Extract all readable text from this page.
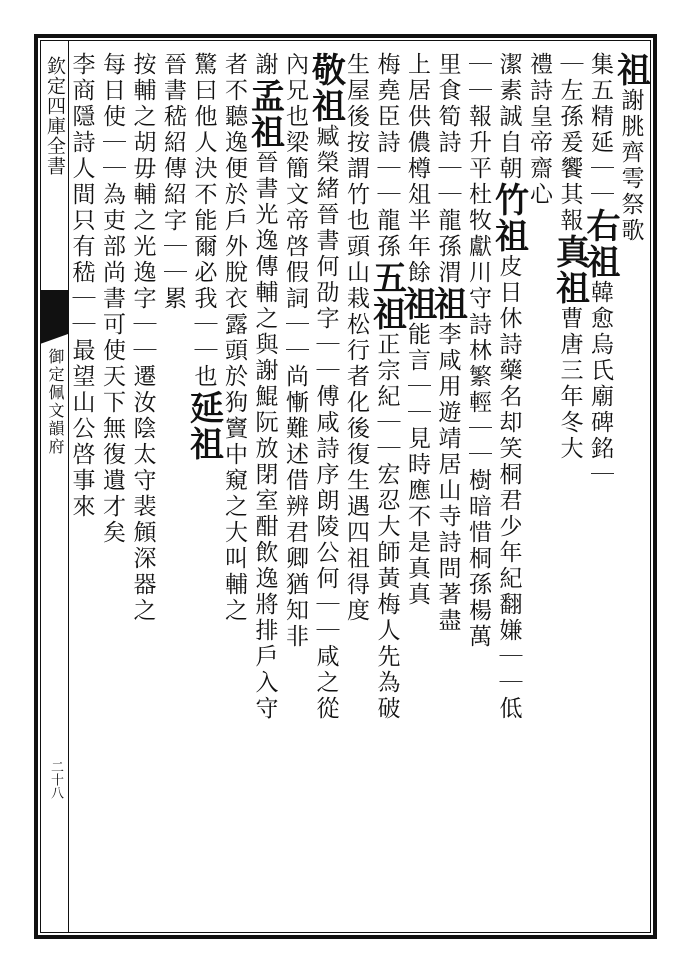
欽定四庫全書
御定佩文韻府
二十八
祖謝朓齊雩祭歌
集五精延｜｜右祖韓愈烏氏廟碑銘｜
｜左孫爰饗其報真祖曹唐三年冬大
禮詩皇帝齋心
潔素誠自朝竹祖皮日休詩藥名却笑桐君少年紀翻嫌｜｜低
｜｜報升平杜牧獻川守詩林繁輕｜｜樹暗惜桐孫楊萬
里食筍詩｜｜龍孫渭祖李咸用遊靖居山寺詩問著盡
上居供儂樽俎半年餘祖能言｜｜見時應不是真真
梅堯臣詩｜｜龍孫五祖正宗紀｜｜宏忍大師黃梅人先為破
生屋後按謂竹也頭山栽松行者化後復生遇四祖得度
敬祖臧榮緒晉書何劭字｜｜傅咸詩序朗陵公何｜｜咸之從
內兄也梁簡文帝啓假詞｜｜尚慚難述借辨君卿猶知非
謝孟祖晉書光逸傳輔之與謝鯤阮放閉室酣飲逸將排戶入守
者不聽逸便於戶外脫衣露頭於狗竇中窺之大叫輔之
驚曰他人決不能爾必我｜｜也延祖
晉書嵇紹傳紹字｜｜累
按輔之胡毋輔之光逸字｜｜遷汝陰太守裴頠深器之
每日使｜｜為吏部尚書可使天下無復遺才矣
李商隱詩人間只有嵇｜｜最望山公啓事來
